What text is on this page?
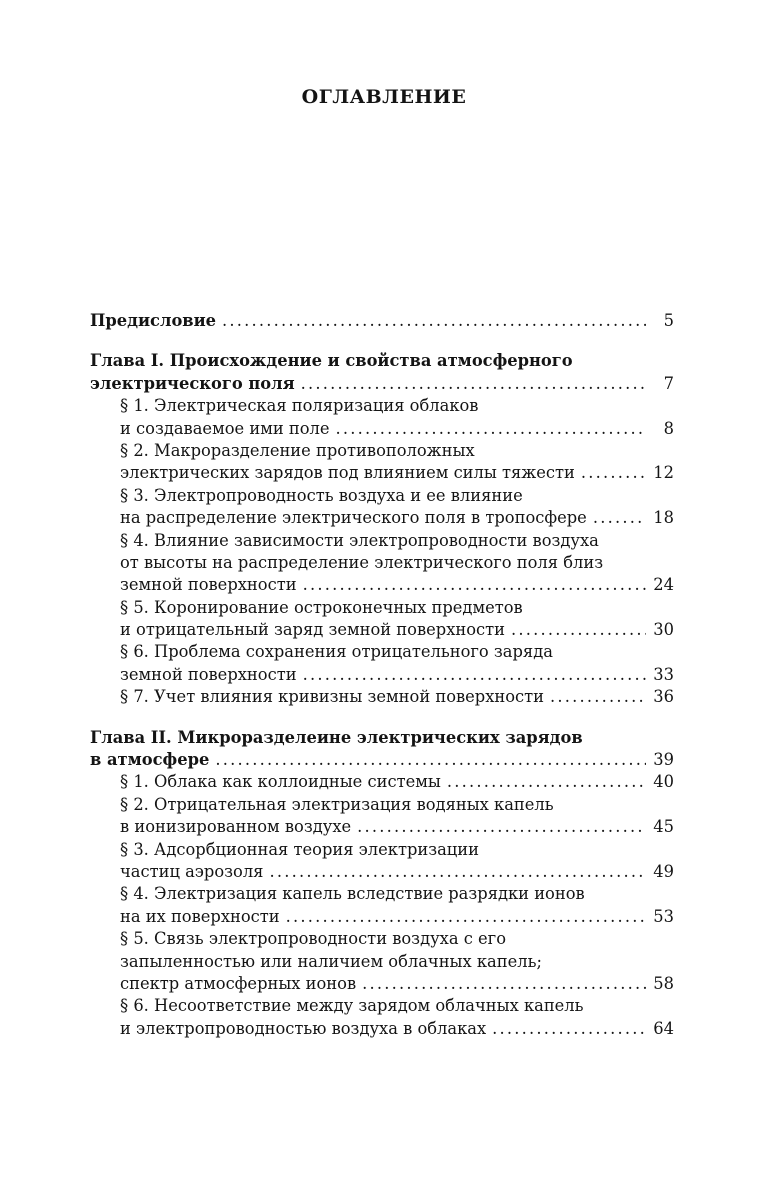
ОГЛАВЛЕНИЕ
Предисловие .....	5
Глава I. Происхождение и свойства атмосферного
электрического поля .....	7
§ 1. Электрическая поляризация облаков
и создаваемое ими поле .....	8
§ 2. Макроразделение противоположных
электрических зарядов под влиянием силы тяжести .....	12
§ 3. Электропроводность воздуха и ее влияние
на распределение электрического поля в тропосфере .....	18
§ 4. Влияние зависимости электропроводности воздуха
от высоты на распределение электрического поля близ
земной поверхности .....	24
§ 5. Коронирование остроконечных предметов
и отрицательный заряд земной поверхности .....	30
§ 6. Проблема сохранения отрицательного заряда
земной поверхности .....	33
§ 7. Учет влияния кривизны земной поверхности .....	36
Глава II. Микроразделеине электрических зарядов
в атмосфере .....	39
§ 1. Облака как коллоидные системы .....	40
§ 2. Отрицательная электризация водяных капель
в ионизированном воздухе .....	45
§ 3. Адсорбционная теория электризации
частиц аэрозоля .....	49
§ 4. Электризация капель вследствие разрядки ионов
на их поверхности .....	53
§ 5. Связь электропроводности воздуха с его
запыленностью или наличием облачных капель;
спектр атмосферных ионов .....	58
§ 6. Несоответствие между зарядом облачных капель
и электропроводностью воздуха в облаках .....	64
